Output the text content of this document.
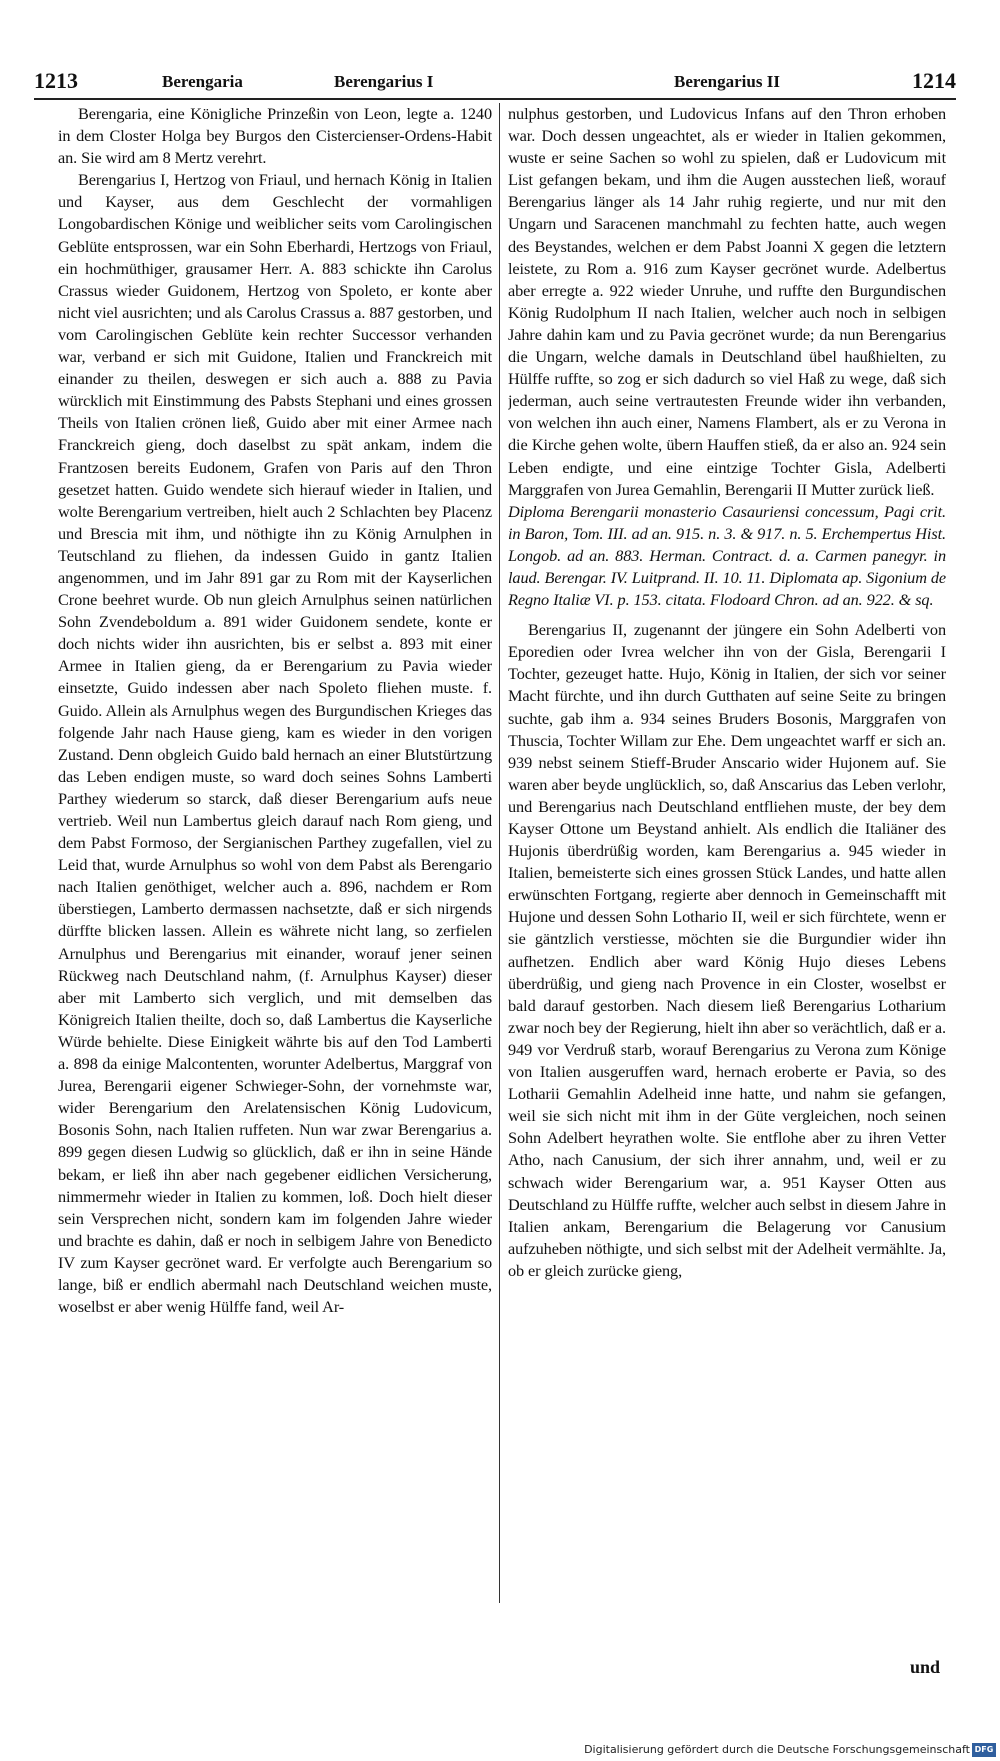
1213	Berengaria	Berengarius I	Berengarius II	1214

Berengaria, eine Königliche Prinzeßin von Leon, legte a. 1240 in dem Closter Holga bey Burgos den Cistercienser-Ordens-Habit an. Sie wird am 8 Mertz verehrt.

Berengarius I, Hertzog von Friaul, und hernach König in Italien und Kayser, aus dem Geschlecht der vormahligen Longobardischen Könige und weiblicher seits vom Carolingischen Geblüte entsprossen, war ein Sohn Eberhardi, Hertzogs von Friaul, ein hochmüthiger, grausamer Herr. A. 883 schickte ihn Carolus Crassus wieder Guidonem, Hertzog von Spoleto, er konte aber nicht viel ausrichten; und als Carolus Crassus a. 887 gestorben, und vom Carolingischen Geblüte kein rechter Successor verhanden war, verband er sich mit Guidone, Italien und Franckreich mit einander zu theilen, deswegen er sich auch a. 888 zu Pavia würcklich mit Einstimmung des Pabsts Stephani und eines grossen Theils von Italien crönen ließ, Guido aber mit einer Armee nach Franckreich gieng, doch daselbst zu spät ankam, indem die Frantzosen bereits Eudonem, Grafen von Paris auf den Thron gesetzet hatten. Guido wendete sich hierauf wieder in Italien, und wolte Berengarium vertreiben, hielt auch 2 Schlachten bey Placenz und Brescia mit ihm, und nöthigte ihn zu König Arnulphen in Teutschland zu fliehen, da indessen Guido in gantz Italien angenommen, und im Jahr 891 gar zu Rom mit der Kayserlichen Crone beehret wurde. Ob nun gleich Arnulphus seinen natürlichen Sohn Zvendeboldum a. 891 wider Guidonem sendete, konte er doch nichts wider ihn ausrichten, bis er selbst a. 893 mit einer Armee in Italien gieng, da er Berengarium zu Pavia wieder einsetzte, Guido indessen aber nach Spoleto fliehen muste. f. Guido. Allein als Arnulphus wegen des Burgundischen Krieges das folgende Jahr nach Hause gieng, kam es wieder in den vorigen Zustand. Denn obgleich Guido bald hernach an einer Blutstürtzung das Leben endigen muste, so ward doch seines Sohns Lamberti Parthey wiederum so starck, daß dieser Berengarium aufs neue vertrieb. Weil nun Lambertus gleich darauf nach Rom gieng, und dem Pabst Formoso, der Sergianischen Parthey zugefallen, viel zu Leid that, wurde Arnulphus so wohl von dem Pabst als Berengario nach Italien genöthiget, welcher auch a. 896, nachdem er Rom überstiegen, Lamberto dermassen nachsetzte, daß er sich nirgends dürffte blicken lassen. Allein es währete nicht lang, so zerfielen Arnulphus und Berengarius mit einander, worauf jener seinen Rückweg nach Deutschland nahm, (f. Arnulphus Kayser) dieser aber mit Lamberto sich verglich, und mit demselben das Königreich Italien theilte, doch so, daß Lambertus die Kayserliche Würde behielte. Diese Einigkeit währte bis auf den Tod Lamberti a. 898 da einige Malcontenten, worunter Adelbertus, Marggraf von Jurea, Berengarii eigener Schwieger-Sohn, der vornehmste war, wider Berengarium den Arelatensischen König Ludovicum, Bosonis Sohn, nach Italien ruffeten. Nun war zwar Berengarius a. 899 gegen diesen Ludwig so glücklich, daß er ihn in seine Hände bekam, er ließ ihn aber nach gegebener eidlichen Versicherung, nimmermehr wieder in Italien zu kommen, loß. Doch hielt dieser sein Versprechen nicht, sondern kam im folgenden Jahre wieder und brachte es dahin, daß er noch in selbigem Jahre von Benedicto IV zum Kayser gecrönet ward. Er verfolgte auch Berengarium so lange, biß er endlich abermahl nach Deutschland weichen muste, woselbst er aber wenig Hülffe fand, weil Ar-

nulphus gestorben, und Ludovicus Infans auf den Thron erhoben war. Doch dessen ungeachtet, als er wieder in Italien gekommen, wuste er seine Sachen so wohl zu spielen, daß er Ludovicum mit List gefangen bekam, und ihm die Augen ausstechen ließ, worauf Berengarius länger als 14 Jahr ruhig regierte, und nur mit den Ungarn und Saracenen manchmahl zu fechten hatte, auch wegen des Beystandes, welchen er dem Pabst Joanni X gegen die letztern leistete, zu Rom a. 916 zum Kayser gecrönet wurde. Adelbertus aber erregte a. 922 wieder Unruhe, und ruffte den Burgundischen König Rudolphum II nach Italien, welcher auch noch in selbigen Jahre dahin kam und zu Pavia gecrönet wurde; da nun Berengarius die Ungarn, welche damals in Deutschland übel haußhielten, zu Hülffe ruffte, so zog er sich dadurch so viel Haß zu wege, daß sich jederman, auch seine vertrautesten Freunde wider ihn verbanden, von welchen ihn auch einer, Namens Flambert, als er zu Verona in die Kirche gehen wolte, übern Hauffen stieß, da er also an. 924 sein Leben endigte, und eine eintzige Tochter Gisla, Adelberti Marggrafen von Jurea Gemahlin, Berengarii II Mutter zurück ließ.

Diploma Berengarii monasterio Casauriensi concessum, Pagi crit. in Baron, Tom. III. ad an. 915. n. 3. & 917. n. 5. Erchempertus Hist. Longob. ad an. 883. Herman. Contract. d. a. Carmen panegyr. in laud. Berengar. IV. Luitprand. II. 10. 11. Diplomata ap. Sigonium de Regno Italiæ VI. p. 153. citata. Flodoard Chron. ad an. 922. & sq.

Berengarius II, zugenannt der jüngere ein Sohn Adelberti von Eporedien oder Ivrea welcher ihn von der Gisla, Berengarii I Tochter, gezeuget hatte. Hujo, König in Italien, der sich vor seiner Macht fürchte, und ihn durch Gutthaten auf seine Seite zu bringen suchte, gab ihm a. 934 seines Bruders Bosonis, Marggrafen von Thuscia, Tochter Willam zur Ehe. Dem ungeachtet warff er sich an. 939 nebst seinem Stieff-Bruder Anscario wider Hujonem auf. Sie waren aber beyde unglücklich, so, daß Anscarius das Leben verlohr, und Berengarius nach Deutschland entfliehen muste, der bey dem Kayser Ottone um Beystand anhielt. Als endlich die Italiäner des Hujonis überdrüßig worden, kam Berengarius a. 945 wieder in Italien, bemeisterte sich eines grossen Stück Landes, und hatte allen erwünschten Fortgang, regierte aber dennoch in Gemeinschafft mit Hujone und dessen Sohn Lothario II, weil er sich fürchtete, wenn er sie gäntzlich verstiesse, möchten sie die Burgundier wider ihn aufhetzen. Endlich aber ward König Hujo dieses Lebens überdrüßig, und gieng nach Provence in ein Closter, woselbst er bald darauf gestorben. Nach diesem ließ Berengarius Lotharium zwar noch bey der Regierung, hielt ihn aber so verächtlich, daß er a. 949 vor Verdruß starb, worauf Berengarius zu Verona zum Könige von Italien ausgeruffen ward, hernach eroberte er Pavia, so des Lotharii Gemahlin Adelheid inne hatte, und nahm sie gefangen, weil sie sich nicht mit ihm in der Güte vergleichen, noch seinen Sohn Adelbert heyrathen wolte. Sie entflohe aber zu ihren Vetter Atho, nach Canusium, der sich ihrer annahm, und, weil er zu schwach wider Berengarium war, a. 951 Kayser Otten aus Deutschland zu Hülffe ruffte, welcher auch selbst in diesem Jahre in Italien ankam, Berengarium die Belagerung vor Canusium aufzuheben nöthigte, und sich selbst mit der Adelheit vermählte. Ja, ob er gleich zurücke gieng,

und
Digitalisierung gefördert durch die Deutsche Forschungsgemeinschaft DFG
